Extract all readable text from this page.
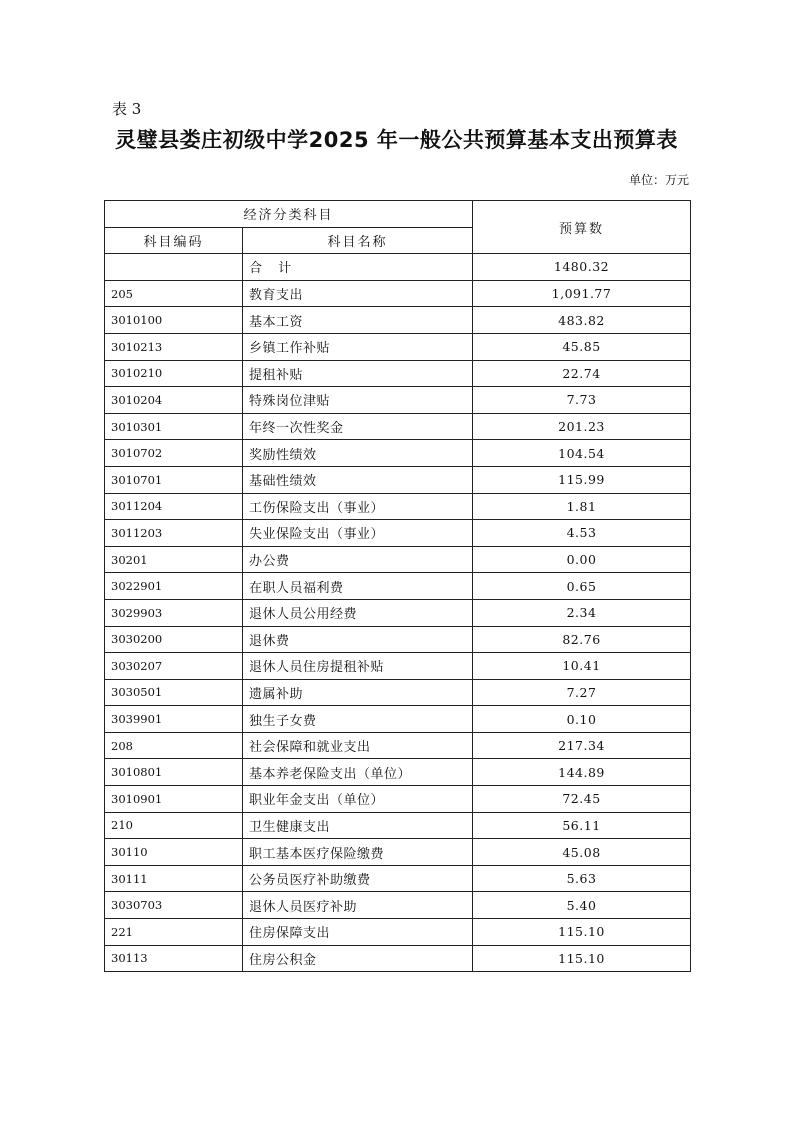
表 3
灵璧县娄庄初级中学2025 年一般公共预算基本支出预算表
单位：万元
经济分类科目		预算数
科目编码	科目名称	
	合 计	1480.32
205	教育支出	1,091.77
3010100	基本工资	483.82
3010213	乡镇工作补贴	45.85
3010210	提租补贴	22.74
3010204	特殊岗位津贴	7.73
3010301	年终一次性奖金	201.23
3010702	奖励性绩效	104.54
3010701	基础性绩效	115.99
3011204	工伤保险支出（事业）	1.81
3011203	失业保险支出（事业）	4.53
30201	办公费	0.00
3022901	在职人员福利费	0.65
3029903	退休人员公用经费	2.34
3030200	退休费	82.76
3030207	退休人员住房提租补贴	10.41
3030501	遗属补助	7.27
3039901	独生子女费	0.10
208	社会保障和就业支出	217.34
3010801	基本养老保险支出（单位）	144.89
3010901	职业年金支出（单位）	72.45
210	卫生健康支出	56.11
30110	职工基本医疗保险缴费	45.08
30111	公务员医疗补助缴费	5.63
3030703	退休人员医疗补助	5.40
221	住房保障支出	115.10
30113	住房公积金	115.10
